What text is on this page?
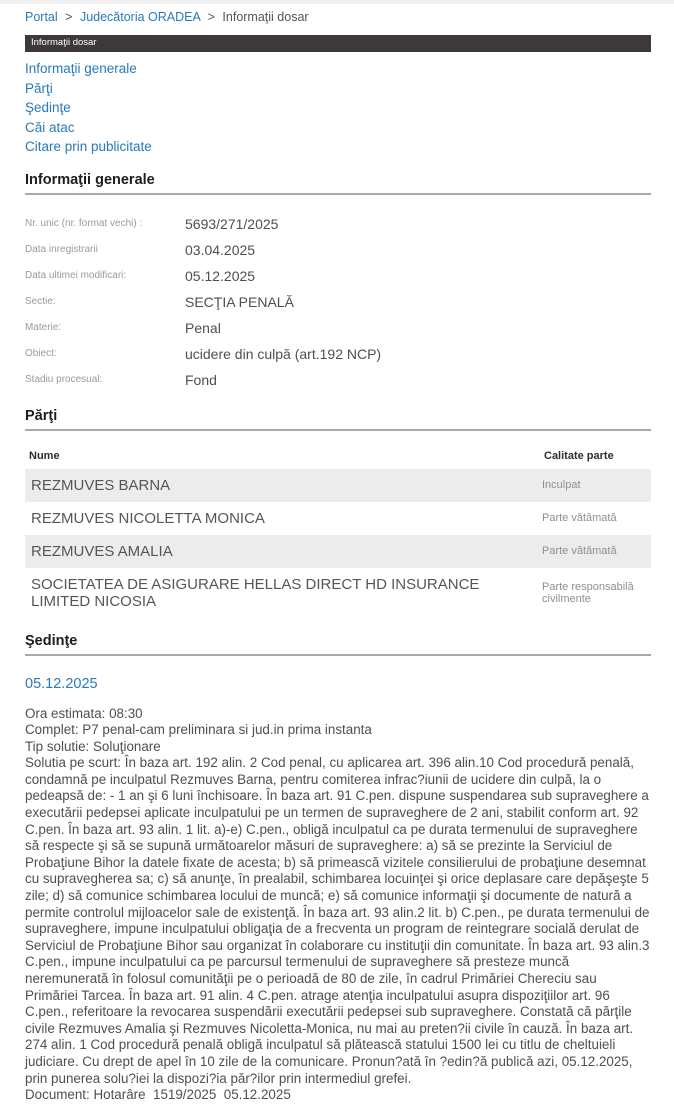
Portal > Judecătoria ORADEA > Informaţii dosar
Informaţii dosar
Informaţii generale
Părţi
Şedinţe
Căi atac
Citare prin publicitate
Informaţii generale
Nr. unic (nr. format vechi) :	5693/271/2025
Data inregistrarii	03.04.2025
Data ultimei modificari:	05.12.2025
Sectie:	SECŢIA PENALĂ
Materie:	Penal
Obiect:	ucidere din culpă (art.192 NCP)
Stadiu procesual:	Fond
Părţi
Nume	Calitate parte
REZMUVES BARNA	Inculpat
REZMUVES NICOLETTA MONICA	Parte vătămată
REZMUVES AMALIA	Parte vătămată
SOCIETATEA DE ASIGURARE HELLAS DIRECT HD INSURANCE LIMITED NICOSIA	Parte responsabilă civilmente
Şedinţe
05.12.2025
Ora estimata: 08:30
Complet: P7 penal-cam preliminara si jud.in prima instanta
Tip solutie: Soluţionare
Solutia pe scurt: În baza art. 192 alin. 2 Cod penal, cu aplicarea art. 396 alin.10 Cod procedură penală, condamnă pe inculpatul Rezmuves Barna, pentru comiterea infrac?iunii de ucidere din culpă, la o pedeapsă de: - 1 an şi 6 luni închisoare. În baza art. 91 C.pen. dispune suspendarea sub supraveghere a executării pedepsei aplicate inculpatului pe un termen de supraveghere de 2 ani, stabilit conform art. 92 C.pen. În baza art. 93 alin. 1 lit. a)-e) C.pen., obligă inculpatul ca pe durata termenului de supraveghere să respecte şi să se supună următoarelor măsuri de supraveghere: a) să se prezinte la Serviciul de Probaţiune Bihor la datele fixate de acesta; b) să primească vizitele consilierului de probaţiune desemnat cu supravegherea sa; c) să anunţe, în prealabil, schimbarea locuinţei şi orice deplasare care depăşeşte 5 zile; d) să comunice schimbarea locului de muncă; e) să comunice informaţii şi documente de natură a permite controlul mijloacelor sale de existenţă. În baza art. 93 alin.2 lit. b) C.pen., pe durata termenului de supraveghere, impune inculpatului obligaţia de a frecventa un program de reintegrare socială derulat de Serviciul de Probaţiune Bihor sau organizat în colaborare cu instituţii din comunitate. În baza art. 93 alin.3 C.pen., impune inculpatului ca pe parcursul termenului de supraveghere să presteze muncă neremunerată în folosul comunităţii pe o perioadă de 80 de zile, în cadrul Primăriei Chereciu sau Primăriei Tarcea. În baza art. 91 alin. 4 C.pen. atrage atenţia inculpatului asupra dispoziţiilor art. 96 C.pen., referitoare la revocarea suspendării executării pedepsei sub supraveghere. Constată că părţile civile Rezmuves Amalia şi Rezmuves Nicoletta-Monica, nu mai au preten?ii civile în cauză. În baza art. 274 alin. 1 Cod procedură penală obligă inculpatul să plătească statului 1500 lei cu titlu de cheltuieli judiciare. Cu drept de apel în 10 zile de la comunicare. Pronun?ată în ?edin?ă publică azi, 05.12.2025, prin punerea solu?iei la dispozi?ia păr?ilor prin intermediul grefei.
Document: Hotarâre  1519/2025  05.12.2025
